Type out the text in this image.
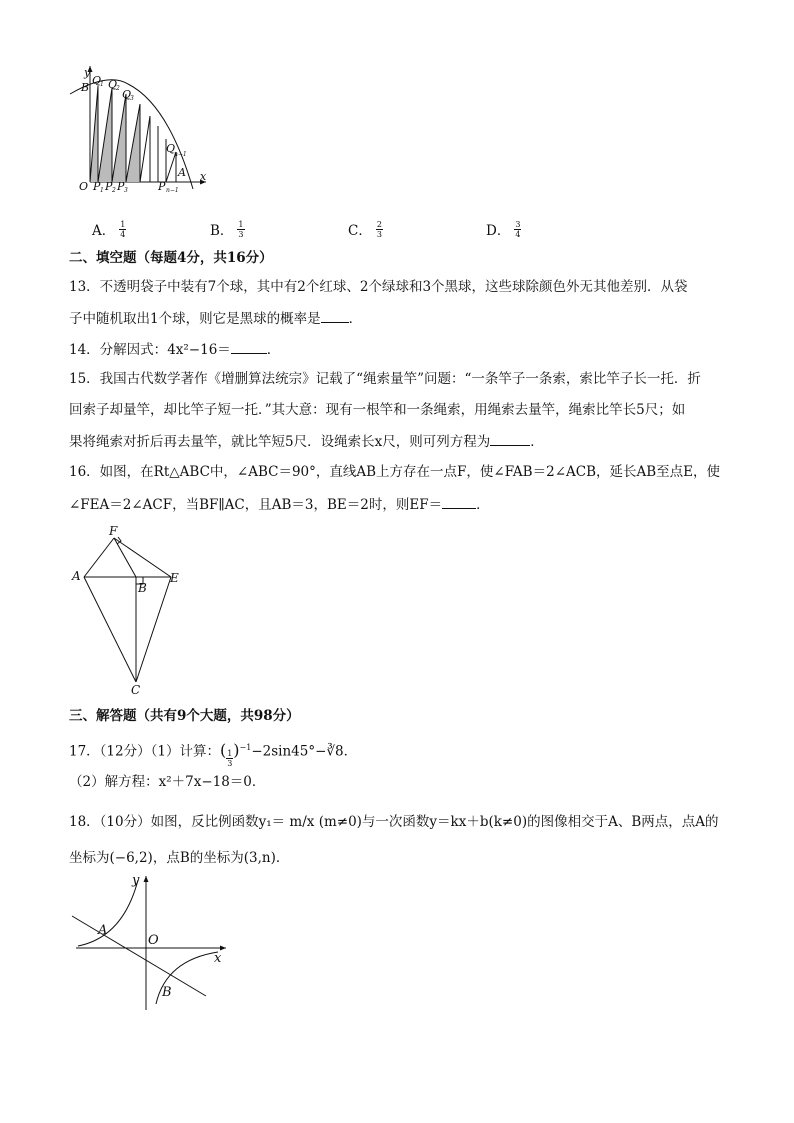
y
x
O
B
Q
1 Q
2 Q
3
Q
n−1
A
P 1 P 2 P 3	P n−1
A． $\frac{1}{4}$	B． $\frac{1}{3}$	C． $\frac{2}{3}$	D． $\frac{3}{4}$
二、填空题（每题4分，共16分）
13．不透明袋子中装有7个球，其中有2个红球、2个绿球和3个黑球，这些球除颜色外无其他差别．从袋
子中随机取出1个球，则它是黑球的概率是 ．
14．分解因式：4x²−16＝	．
15．我国古代数学著作《增删算法统宗》记载了“绳索量竿”问题：“一条竿子一条索，索比竿子长一托．折
回索子却量竿，却比竿子短一托．”其大意：现有一根竿和一条绳索，用绳索去量竿，绳索比竿长5尺；如
果将绳索对折后再去量竿，就比竿短5尺．设绳索长x尺，则可列方程为	．
16．如图，在Rt△ABC中，∠ABC＝90°，直线AB上方存在一点F，使∠FAB＝2∠ACB，延长AB至点E，使
∠FEA＝2∠ACF，当BF∥AC，且AB＝3，BE＝2时，则EF＝	．
F
A
B
E
C
三、解答题（共有9个大题，共98分）
17．（12分）（1）计算：( $\frac{1}{3}$ )$^{-1}$−2sin45°−∛8．
（2）解方程：x²＋7x−18＝0．
18．（10分）如图，反比例函数y₁＝ m/x (m≠0)与一次函数y＝kx＋b(k≠0)的图像相交于A、B两点，点A的
坐标为(−6,2)，点B的坐标为(3,n)．
y
x
O
A
B
